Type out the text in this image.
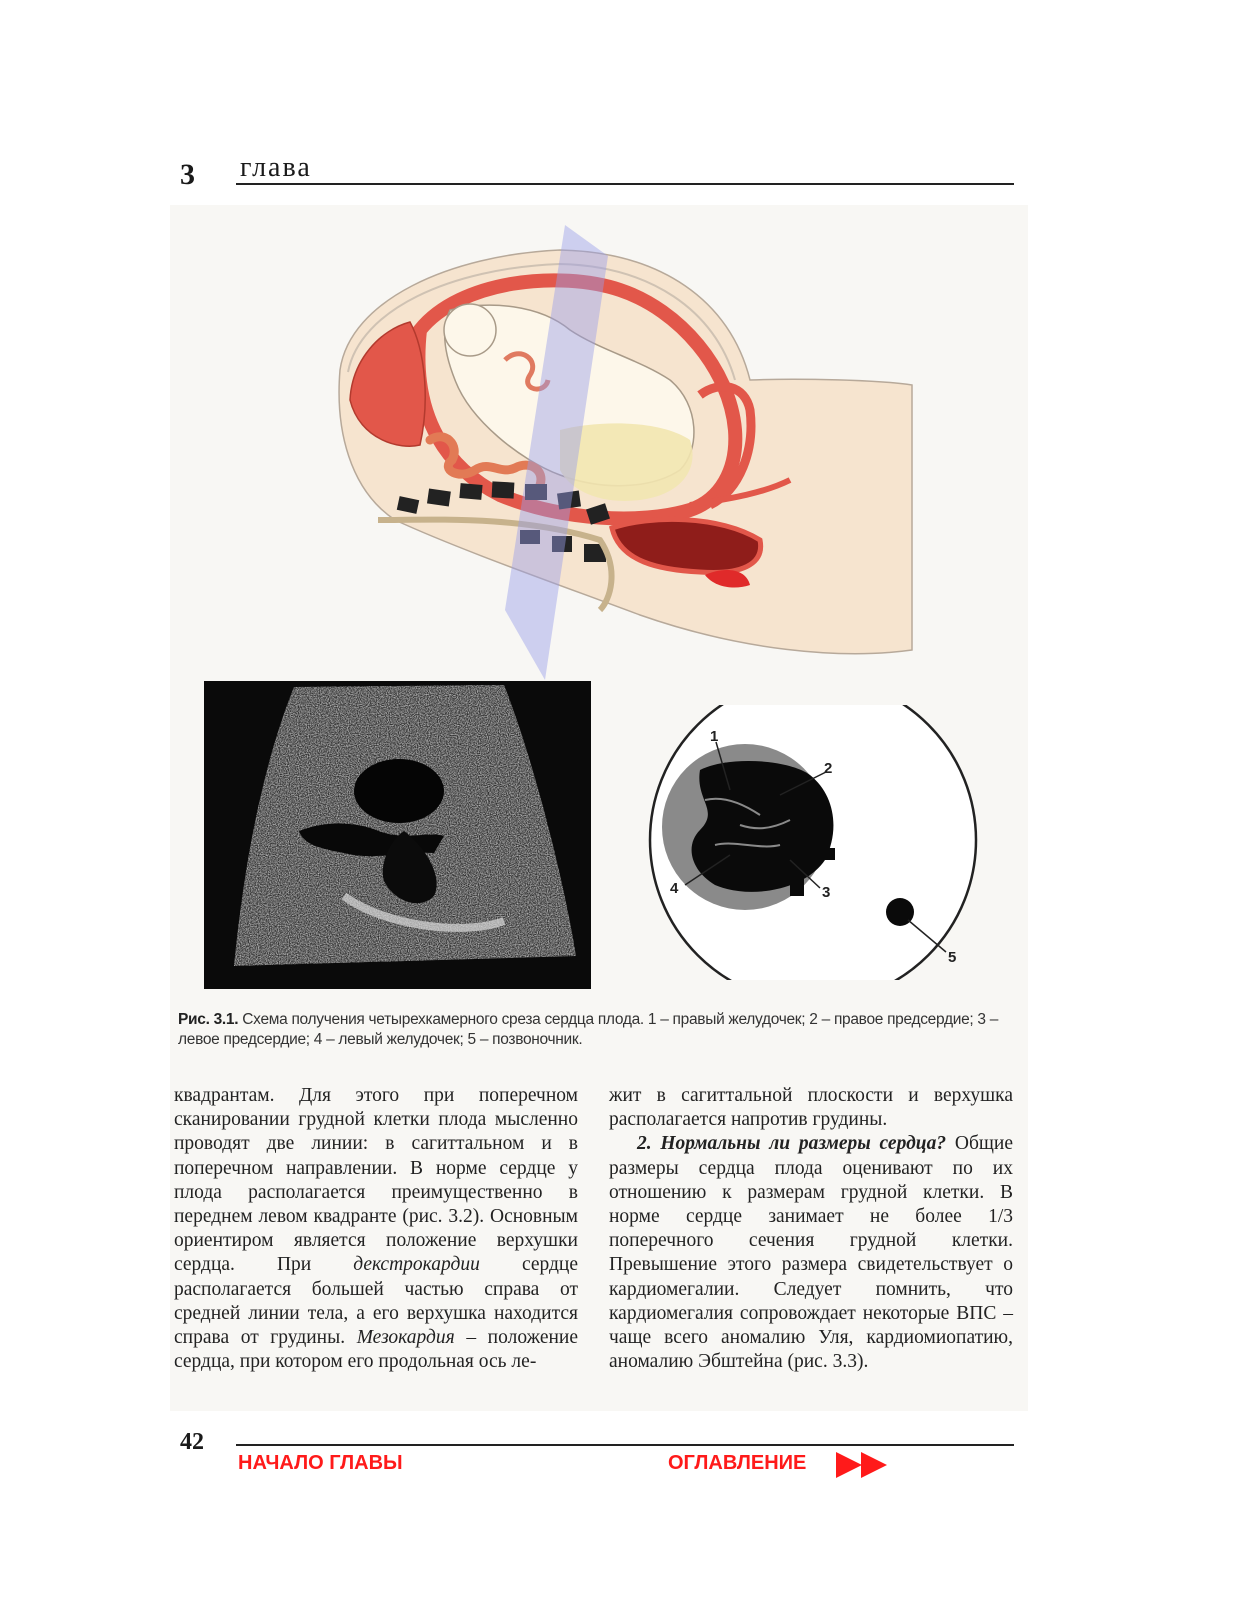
3 глава
1
2
3
4
5
Рис. 3.1. Схема получения четырехкамерного среза сердца плода. 1 – правый желудочек; 2 – правое предсердие; 3 – левое предсердие; 4 – левый желудочек; 5 – позвоночник.

квадрантам. Для этого при поперечном сканировании грудной клетки плода мысленно проводят две линии: в сагиттальном и в поперечном направлении. В норме сердце у плода располагается преимущественно в переднем левом квадранте (рис. 3.2). Основным ориентиром является положение верхушки сердца. При декстрокардии сердце располагается большей частью справа от средней линии тела, а его верхушка находится справа от грудины. Мезокардия – положение сердца, при котором его продольная ось ле-

жит в сагиттальной плоскости и верхушка располагается напротив грудины.

2. Нормальны ли размеры сердца? Общие размеры сердца плода оценивают по их отношению к размерам грудной клетки. В норме сердце занимает не более 1/3 поперечного сечения грудной клетки. Превышение этого размера свидетельствует о кардиомегалии. Следует помнить, что кардиомегалия сопровождает некоторые ВПС – чаще всего аномалию Уля, кардиомиопатию, аномалию Эбштейна (рис. 3.3).

42
НАЧАЛО ГЛАВЫ	ОГЛАВЛЕНИЕ
